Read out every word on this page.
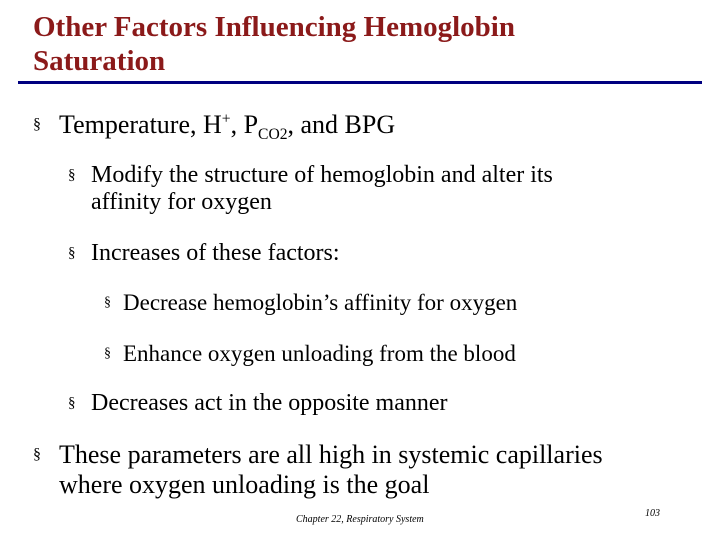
Other Factors Influencing Hemoglobin
Saturation
§ Temperature, H+, $P_{CO2}$, and BPG
§ Modify the structure of hemoglobin and alter its
affinity for oxygen
§ Increases of these factors:
§ Decrease hemoglobin’s affinity for oxygen
§ Enhance oxygen unloading from the blood
§ Decreases act in the opposite manner
§ These parameters are all high in systemic capillaries
where oxygen unloading is the goal
Chapter 22, Respiratory System
103
